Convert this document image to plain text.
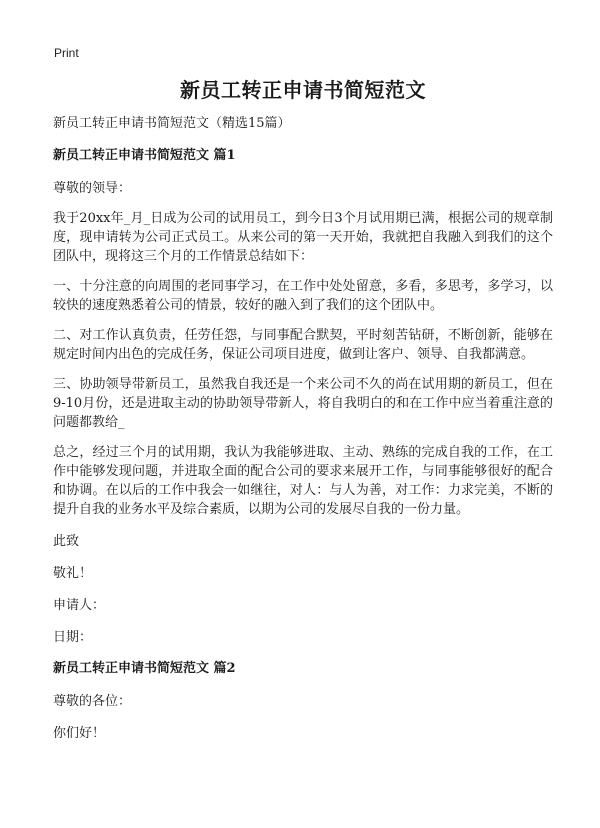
Print
新员工转正申请书简短范文

新员工转正申请书简短范文（精选15篇）

新员工转正申请书简短范文 篇1

尊敬的领导：

我于20xx年_月_日成为公司的试用员工，到今日3个月试用期已满，根据公司的规章制度，现申请转为公司正式员工。从来公司的第一天开始，我就把自我融入到我们的这个团队中，现将这三个月的工作情景总结如下：

一、十分注意的向周围的老同事学习，在工作中处处留意，多看，多思考，多学习，以较快的速度熟悉着公司的情景，较好的融入到了我们的这个团队中。

二、对工作认真负责，任劳任怨，与同事配合默契，平时刻苦钻研，不断创新，能够在规定时间内出色的完成任务，保证公司项目进度，做到让客户、领导、自我都满意。

三、协助领导带新员工，虽然我自我还是一个来公司不久的尚在试用期的新员工，但在9-10月份，还是进取主动的协助领导带新人，将自我明白的和在工作中应当着重注意的问题都教给_

总之，经过三个月的试用期，我认为我能够进取、主动、熟练的完成自我的工作，在工作中能够发现问题，并进取全面的配合公司的要求来展开工作，与同事能够很好的配合和协调。在以后的工作中我会一如继往，对人：与人为善，对工作：力求完美，不断的提升自我的业务水平及综合素质，以期为公司的发展尽自我的一份力量。

此致

敬礼！

申请人：

日期：

新员工转正申请书简短范文 篇2

尊敬的各位：

你们好！
